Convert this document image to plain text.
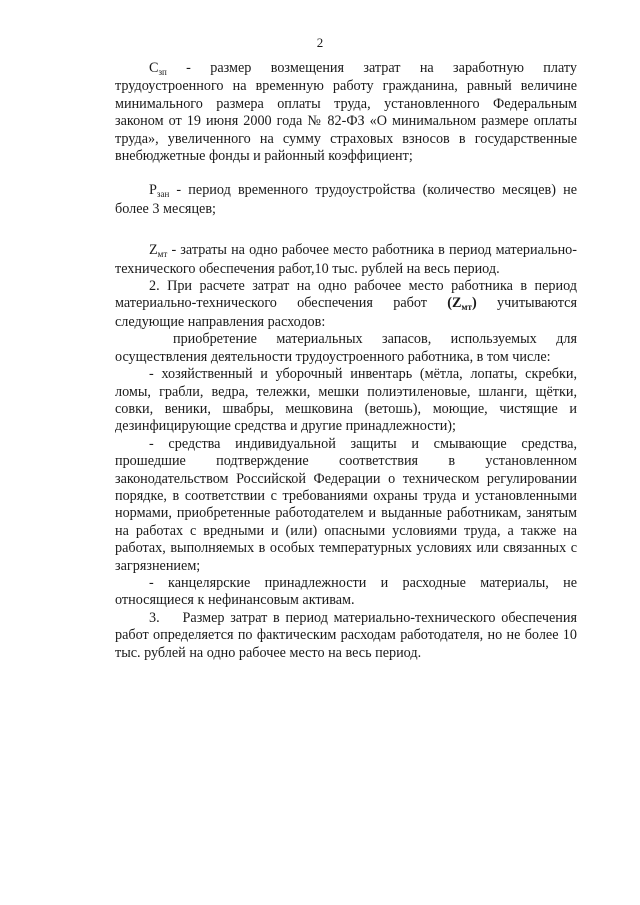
2

$C_{зп}$ - размер возмещения затрат на заработную плату трудоустроенного на временную работу гражданина, равный величине минимального размера оплаты труда, установленного Федеральным законом от 19 июня 2000 года № 82-ФЗ «О минимальном размере оплаты труда», увеличенного на сумму страховых взносов в государственные внебюджетные фонды и районный коэффициент;

$P_{зан}$ - период временного трудоустройства (количество месяцев) не более 3 месяцев;

$Z_{мт}$ - затраты на одно рабочее место работника в период материально-технического обеспечения работ,10 тыс. рублей на весь период.

2. При расчете затрат на одно рабочее место работника в период материально-технического обеспечения работ $(Z_{мт})$ учитываются следующие направления расходов:

приобретение материальных запасов, используемых для осуществления деятельности трудоустроенного работника, в том числе:

- хозяйственный и уборочный инвентарь (мётла, лопаты, скребки, ломы, грабли, ведра, тележки, мешки полиэтиленовые, шланги, щётки, совки, веники, швабры, мешковина (ветошь), моющие, чистящие и дезинфицирующие средства и другие принадлежности);

- средства индивидуальной защиты и смывающие средства, прошедшие подтверждение соответствия в установленном законодательством Российской Федерации о техническом регулировании порядке, в соответствии с требованиями охраны труда и установленными нормами, приобретенные работодателем и выданные работникам, занятым на работах с вредными и (или) опасными условиями труда, а также на работах, выполняемых в особых температурных условиях или связанных с загрязнением;

- канцелярские принадлежности и расходные материалы, не относящиеся к нефинансовым активам.

3. Размер затрат в период материально-технического обеспечения работ определяется по фактическим расходам работодателя, но не более 10 тыс. рублей на одно рабочее место на весь период.
